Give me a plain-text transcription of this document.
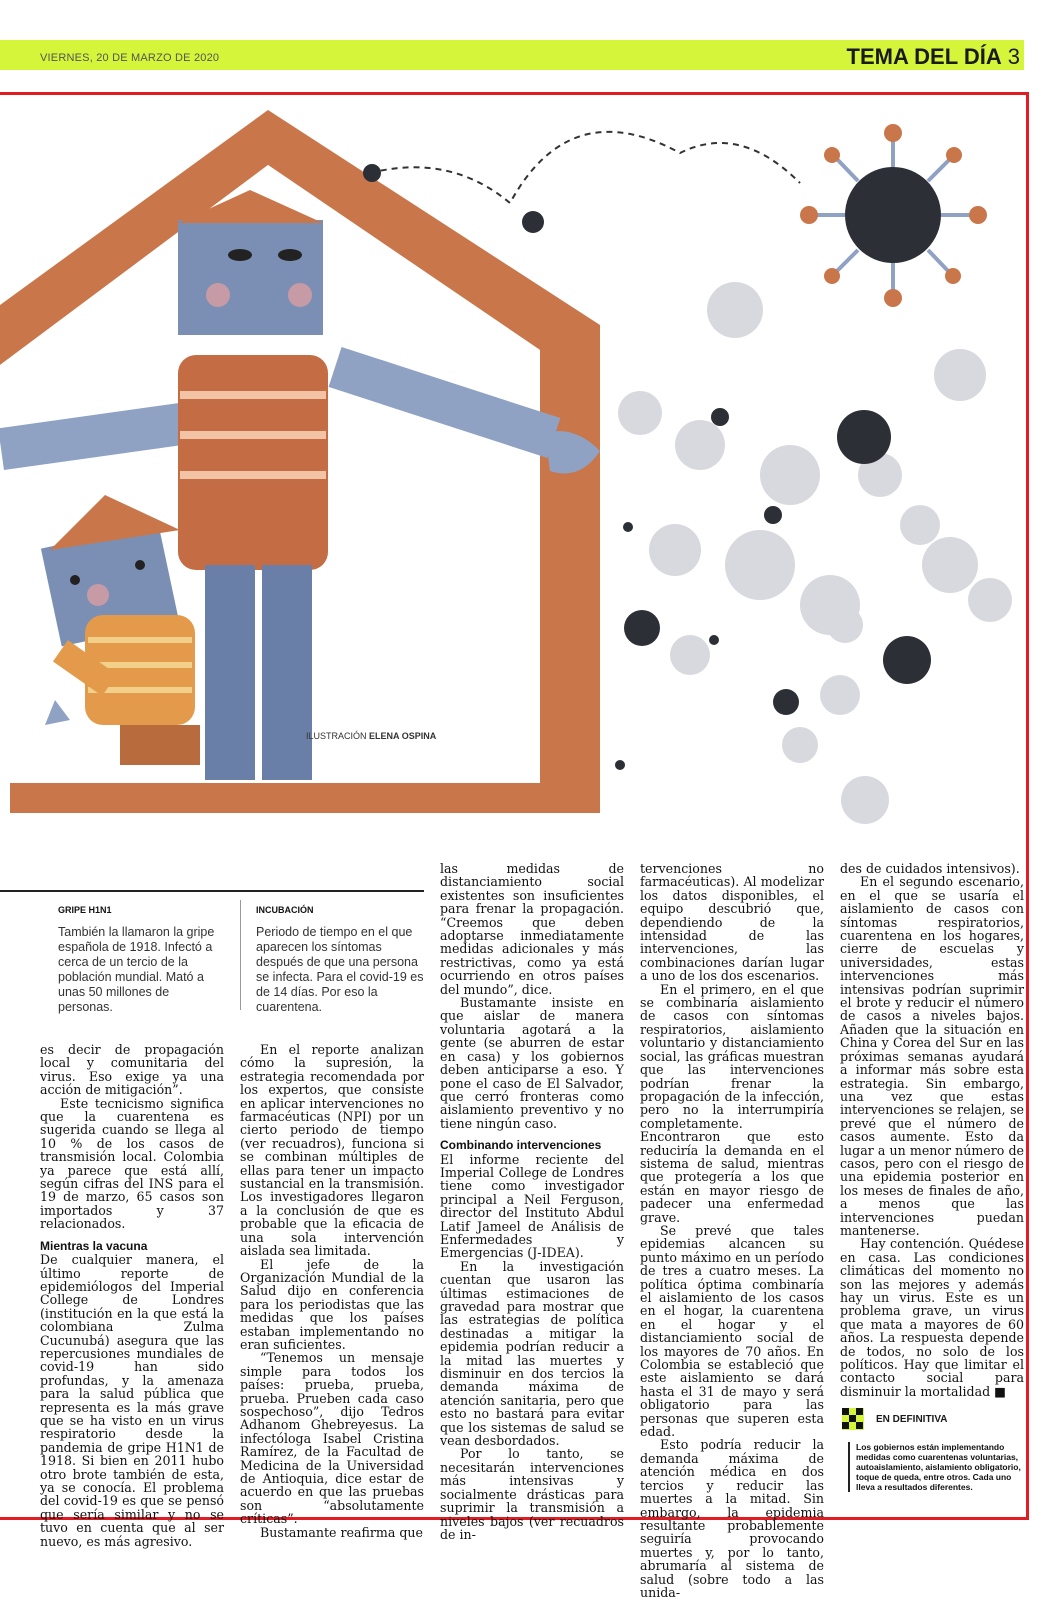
VIERNES, 20 DE MARZO DE 2020	TEMA DEL DÍA 3
ILUSTRACIÓN ELENA OSPINA
GRIPE H1N1
También la llamaron la gripe española de 1918. Infectó a cerca de un tercio de la población mundial. Mató a unas 50 millones de personas.
INCUBACIÓN
Periodo de tiempo en el que aparecen los síntomas después de que una persona se infecta. Para el covid-19 es de 14 días. Por eso la cuarentena.

es decir de propagación local y comunitaria del virus. Eso exige ya una acción de mitigación”.

Este tecnicismo significa que la cuarentena es sugerida cuando se llega al 10 % de los casos de transmisión local. Colombia ya parece que está allí, según cifras del INS para el 19 de marzo, 65 casos son importados y 37 relacionados.

Mientras la vacuna

De cualquier manera, el último reporte de epidemiólogos del Imperial College de Londres (institución en la que está la colombiana Zulma Cucunubá) asegura que las repercusiones mundiales de covid-19 han sido profundas, y la amenaza para la salud pública que representa es la más grave que se ha visto en un virus respiratorio desde la pandemia de gripe H1N1 de 1918. Si bien en 2011 hubo otro brote también de esta, ya se conocía. El problema del covid-19 es que se pensó que sería similar y no se tuvo en cuenta que al ser nuevo, es más agresivo.

En el reporte analizan cómo la supresión, la estrategia recomendada por los expertos, que consiste en aplicar intervenciones no farmacéuticas (NPI) por un cierto periodo de tiempo (ver recuadros), funciona si se combinan múltiples de ellas para tener un impacto sustancial en la transmisión. Los investigadores llegaron a la conclusión de que es probable que la eficacia de una sola intervención aislada sea limitada.

El jefe de la Organización Mundial de la Salud dijo en conferencia para los periodistas que las medidas que los países estaban implementando no eran suficientes.

“Tenemos un mensaje simple para todos los países: prueba, prueba, prueba. Prueben cada caso sospechoso”, dijo Tedros Adhanom Ghebreyesus. La infectóloga Isabel Cristina Ramírez, de la Facultad de Medicina de la Universidad de Antioquia, dice estar de acuerdo en que las pruebas son “absolutamente críticas”.

Bustamante reafirma que

las medidas de distanciamiento social existentes son insuficientes para frenar la propagación. “Creemos que deben adoptarse inmediatamente medidas adicionales y más restrictivas, como ya está ocurriendo en otros países del mundo”, dice.

Bustamante insiste en que aislar de manera voluntaria agotará a la gente (se aburren de estar en casa) y los gobiernos deben anticiparse a eso. Y pone el caso de El Salvador, que cerró fronteras como aislamiento preventivo y no tiene ningún caso.

Combinando intervenciones

El informe reciente del Imperial College de Londres tiene como investigador principal a Neil Ferguson, director del Instituto Abdul Latif Jameel de Análisis de Enfermedades y Emergencias (J-IDEA).

En la investigación cuentan que usaron las últimas estimaciones de gravedad para mostrar que las estrategias de política destinadas a mitigar la epidemia podrían reducir a la mitad las muertes y disminuir en dos tercios la demanda máxima de atención sanitaria, pero que esto no bastará para evitar que los sistemas de salud se vean desbordados.

Por lo tanto, se necesitarán intervenciones más intensivas y socialmente drásticas para suprimir la transmisión a niveles bajos (ver recuadros de in-

tervenciones no farmacéuticas). Al modelizar los datos disponibles, el equipo descubrió que, dependiendo de la intensidad de las intervenciones, las combinaciones darían lugar a uno de los dos escenarios.

En el primero, en el que se combinaría aislamiento de casos con síntomas respiratorios, aislamiento voluntario y distanciamiento social, las gráficas muestran que las intervenciones podrían frenar la propagación de la infección, pero no la interrumpiría completamente. Encontraron que esto reduciría la demanda en el sistema de salud, mientras que protegería a los que están en mayor riesgo de padecer una enfermedad grave.

Se prevé que tales epidemias alcancen su punto máximo en un período de tres a cuatro meses. La política óptima combinaría el aislamiento de los casos en el hogar, la cuarentena en el hogar y el distanciamiento social de los mayores de 70 años. En Colombia se estableció que este aislamiento se dará hasta el 31 de mayo y será obligatorio para las personas que superen esta edad.

Esto podría reducir la demanda máxima de atención médica en dos tercios y reducir las muertes a la mitad. Sin embargo, la epidemia resultante probablemente seguiría provocando muertes y, por lo tanto, abrumaría al sistema de salud (sobre todo a las unida-

des de cuidados intensivos).

En el segundo escenario, en el que se usaría el aislamiento de casos con síntomas respiratorios, cuarentena en los hogares, cierre de escuelas y universidades, estas intervenciones más intensivas podrían suprimir el brote y reducir el número de casos a niveles bajos. Añaden que la situación en China y Corea del Sur en las próximas semanas ayudará a informar más sobre esta estrategia. Sin embargo, una vez que estas intervenciones se relajen, se prevé que el número de casos aumente. Esto da lugar a un menor número de casos, pero con el riesgo de una epidemia posterior en los meses de finales de año, a menos que las intervenciones puedan mantenerse.

Hay contención. Quédese en casa. Las condiciones climáticas del momento no son las mejores y además hay un virus. Este es un problema grave, un virus que mata a mayores de 60 años. La respuesta depende de todos, no solo de los políticos. Hay que limitar el contacto social para disminuir la mortalidad ■

EN DEFINITIVA
Los gobiernos están implementando medidas como cuarentenas voluntarias, autoaislamiento, aislamiento obligatorio, toque de queda, entre otros. Cada uno lleva a resultados diferentes.
